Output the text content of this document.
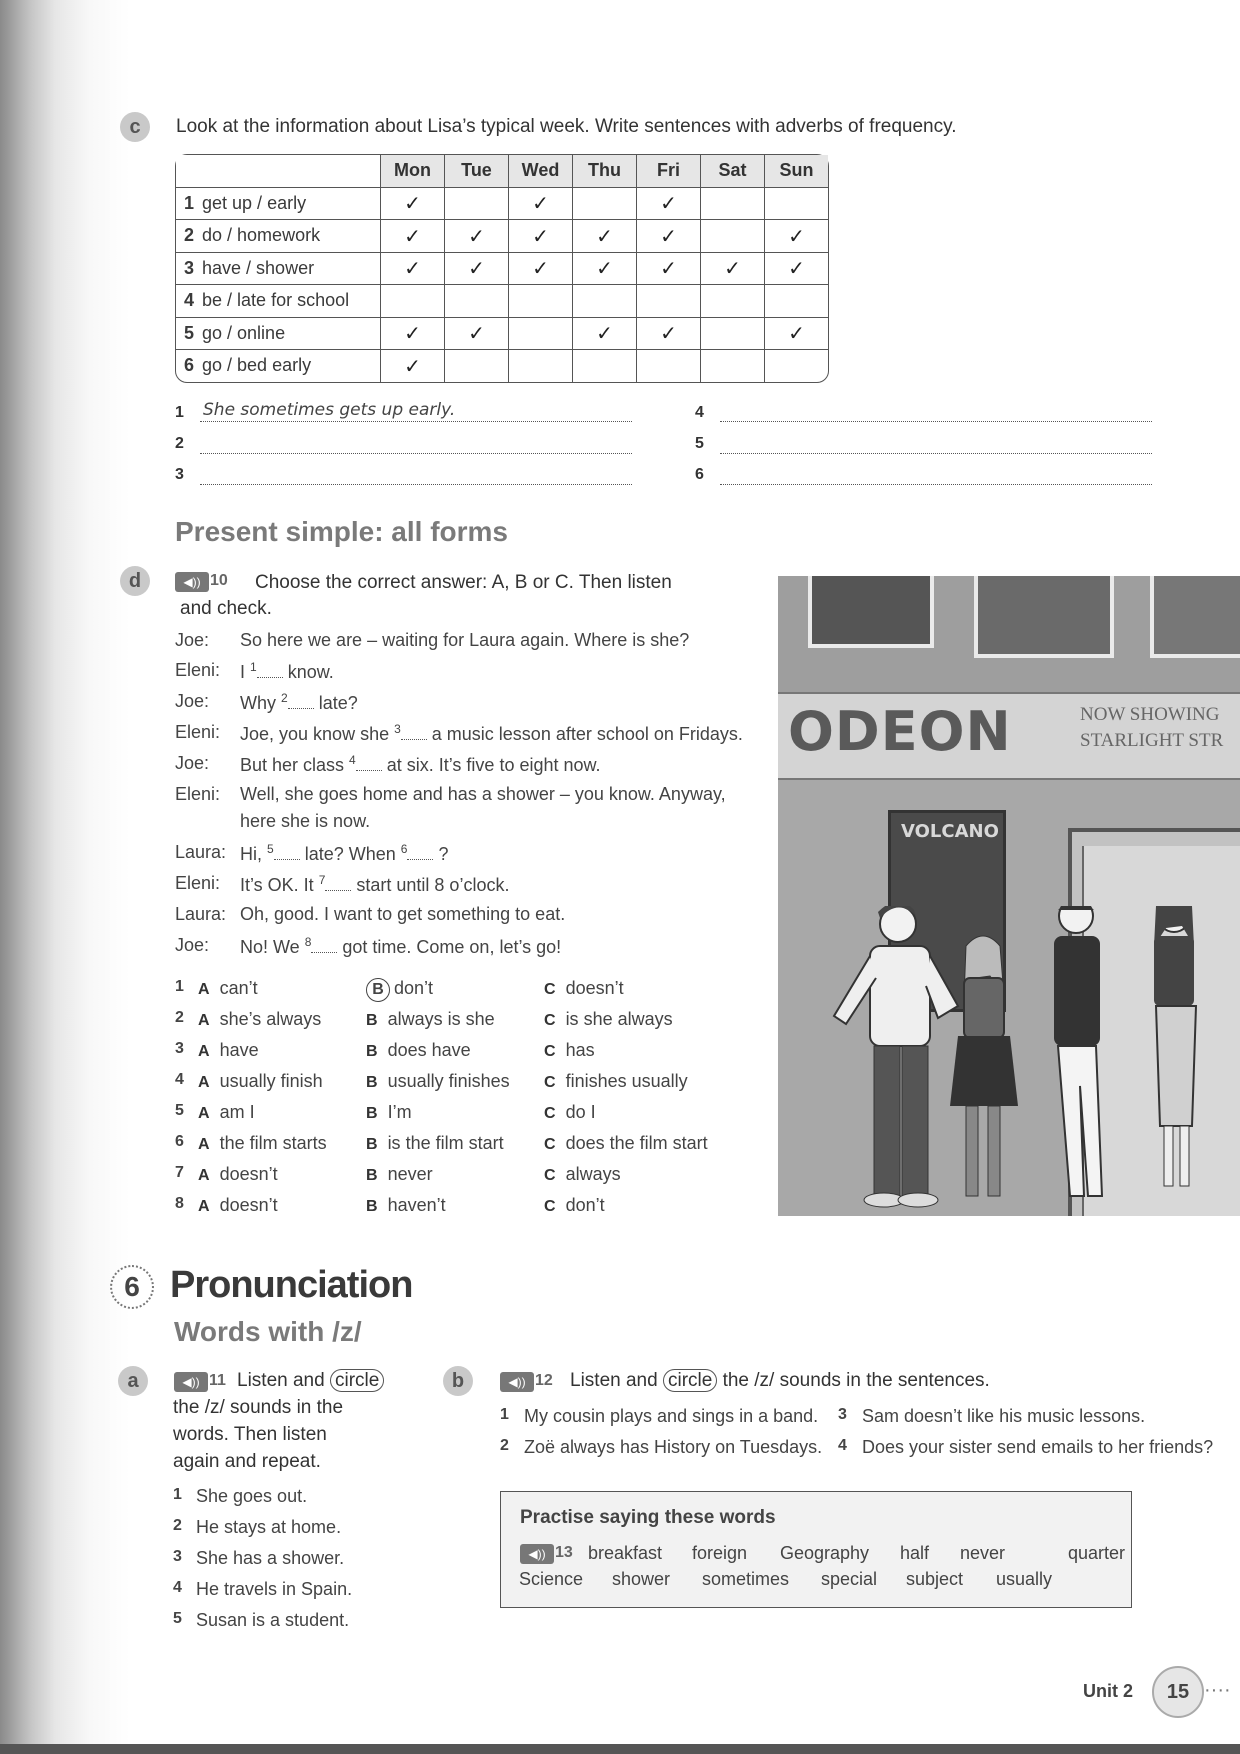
c	Look at the information about Lisa’s typical week. Write sentences with adverbs of frequency.
	Mon	Tue	Wed	Thu	Fri	Sat	Sun
1 get up / early	✓		✓		✓		
2 do / homework	✓	✓	✓	✓	✓		✓
3 have / shower	✓	✓	✓	✓	✓	✓	✓
4 be / late for school							
5 go / online	✓	✓		✓	✓		✓
6 go / bed early	✓						
1 She sometimes gets up early.
2
3
4
5
6
Present simple: all forms
d	◀)) 10 Choose the correct answer: A, B or C. Then listen
and check.
Joe: So here we are – waiting for Laura again. Where is she?
Eleni: I $^1$ know.
Joe: Why $^2$ late?
Eleni: Joe, you know she $^3$ a music lesson after school on Fridays.
Joe: But her class $^4$ at six. It’s five to eight now.
Eleni: Well, she goes home and has a shower – you know. Anyway,
here she is now.
Laura: Hi, $^5$ late? When $^6$ ?
Eleni: It’s OK. It $^7$ start until 8 o’clock.
Laura: Oh, good. I want to get something to eat.
Joe: No! We $^8$ got time. Come on, let’s go!
1 A can’t	B don’t	C doesn’t
2 A she’s always	B always is she	C is she always
3 A have	B does have	C has
4 A usually finish	B usually finishes C finishes usually
5 A am I	B I’m	C do I
6 A the film starts B is the film start	C does the film start
7 A doesn’t	B never	C always
8 A doesn’t	B haven’t	C don’t
ODEON	NOW SHOWING
STARLIGHT STR
VOLCANO
6 Pronunciation
Words with /z/
a	◀)) 11 Listen and circle
the /z/ sounds in the
words. Then listen
again and repeat.
1 She goes out.
2 He stays at home.
3 She has a shower.
4 He travels in Spain.
5 Susan is a student.
b	◀)) 12 Listen and circle the /z/ sounds in the sentences.
1 My cousin plays and sings in a band.
2 Zoë always has History on Tuesdays.
3 Sam doesn’t like his music lessons.
4 Does your sister send emails to her friends?
Practise saying these words
◀)) 13 breakfast foreign Geography half never	quarter
Science shower sometimes special subject usually
Unit 2	15 ····
